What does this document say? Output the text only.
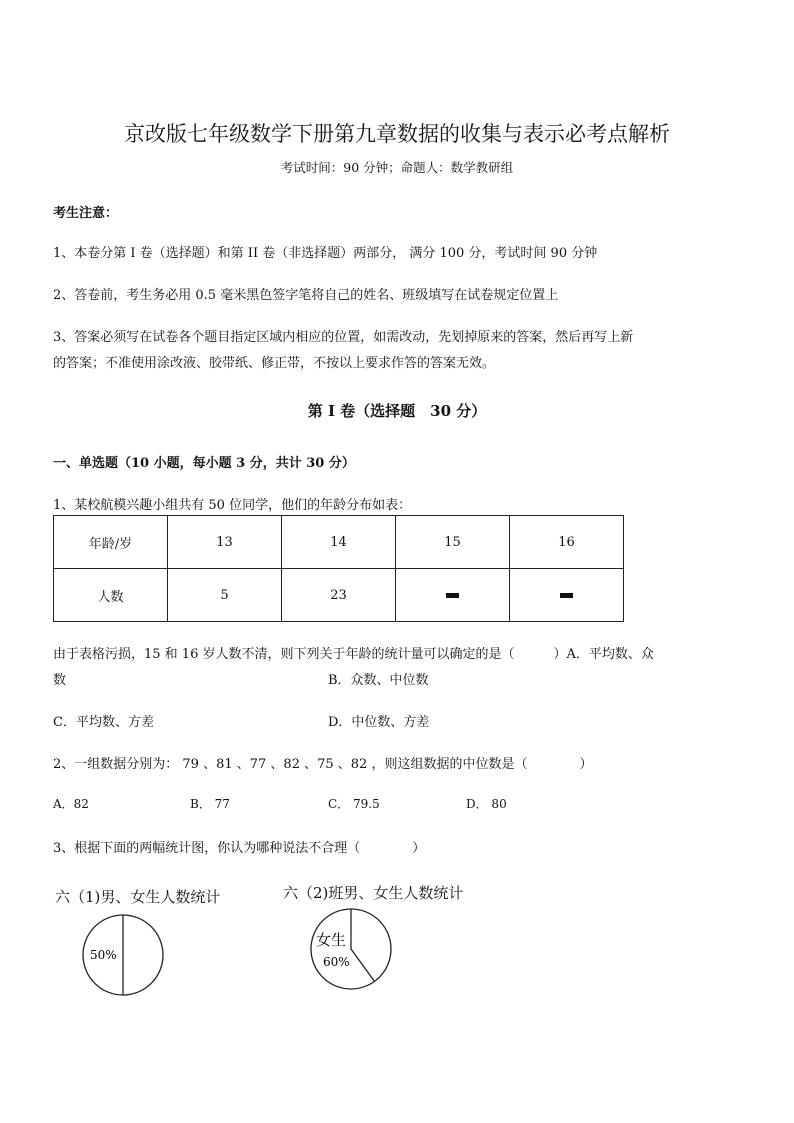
京改版七年级数学下册第九章数据的收集与表示必考点解析
考试时间：90 分钟；命题人：数学教研组
考生注意：
1、本卷分第 I 卷（选择题）和第 II 卷（非选择题）两部分， 满分 100 分，考试时间 90 分钟
2、答卷前，考生务必用 0.5 毫米黑色签字笔将自己的姓名、班级填写在试卷规定位置上
3、答案必须写在试卷各个题目指定区域内相应的位置，如需改动，先划掉原来的答案，然后再写上新
的答案；不准使用涂改液、胶带纸、修正带，不按以上要求作答的答案无效。
第 I 卷（选择题　30 分）
一、单选题（10 小题，每小题 3 分，共计 30 分）
1、某校航模兴趣小组共有 50 位同学，他们的年龄分布如表：
年龄/岁	13	14	15	16
人数	5	23		
由于表格污损，15 和 16 岁人数不清，则下列关于年龄的统计量可以确定的是（　　　）A．平均数、众
数	B．众数、中位数
C．平均数、方差	D．中位数、方差
2、一组数据分别为： 79 、81 、77 、82 、75 、82 ，则这组数据的中位数是（　　　　）
A．82	B． 77	C． 79.5	D． 80
3、根据下面的两幅统计图，你认为哪种说法不合理（　　　　）
六（1)男、女生人数统计
50%
六（2)班男、女生人数统计
女生
60%
